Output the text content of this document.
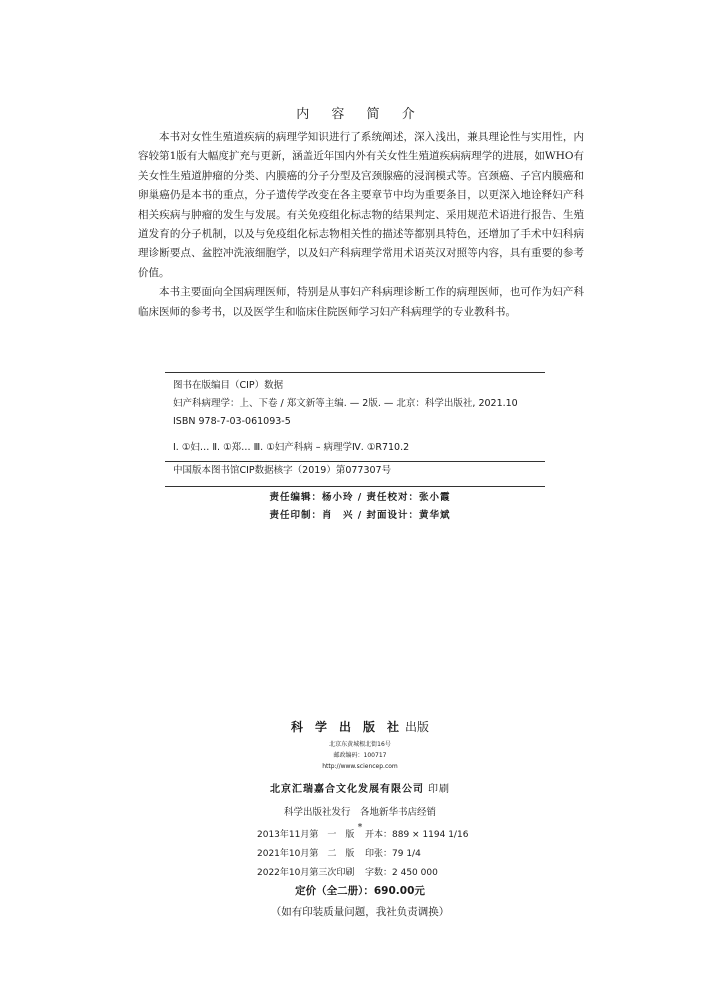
内 容 简 介

本书对女性生殖道疾病的病理学知识进行了系统阐述，深入浅出，兼具理论性与实用性，内容较第1版有大幅度扩充与更新，涵盖近年国内外有关女性生殖道疾病病理学的进展，如WHO有关女性生殖道肿瘤的分类、内膜癌的分子分型及宫颈腺癌的浸润模式等。宫颈癌、子宫内膜癌和卵巢癌仍是本书的重点，分子遗传学改变在各主要章节中均为重要条目，以更深入地诠释妇产科相关疾病与肿瘤的发生与发展。有关免疫组化标志物的结果判定、采用规范术语进行报告、生殖道发育的分子机制，以及与免疫组化标志物相关性的描述等都别具特色，还增加了手术中妇科病理诊断要点、盆腔冲洗液细胞学，以及妇产科病理学常用术语英汉对照等内容，具有重要的参考价值。

本书主要面向全国病理医师，特别是从事妇产科病理诊断工作的病理医师，也可作为妇产科临床医师的参考书，以及医学生和临床住院医师学习妇产科病理学的专业教科书。

图书在版编目（CIP）数据
妇产科病理学：上、下卷 / 郑文新等主编. — 2版. — 北京：科学出版社, 2021.10
ISBN 978-7-03-061093-5
Ⅰ. ①妇… Ⅱ. ①郑… Ⅲ. ①妇产科病 – 病理学Ⅳ. ①R710.2
中国版本图书馆CIP数据核字（2019）第077307号
责任编辑：杨小玲 / 责任校对：张小霞
责任印制：肖　兴 / 封面设计：黄华斌
科学出版社出版
北京东黄城根北街16号
邮政编码：100717
http://www.sciencep.com
北京汇瑞嘉合文化发展有限公司 印刷
科学出版社发行　各地新华书店经销
*
2013年11月第　一　版 开本：889 × 1194 1/16
2021年10月第　二　版 印张：79 1/4
2022年10月第三次印刷 字数：2 450 000
定价（全二册）：690.00元
（如有印装质量问题，我社负责调换）
